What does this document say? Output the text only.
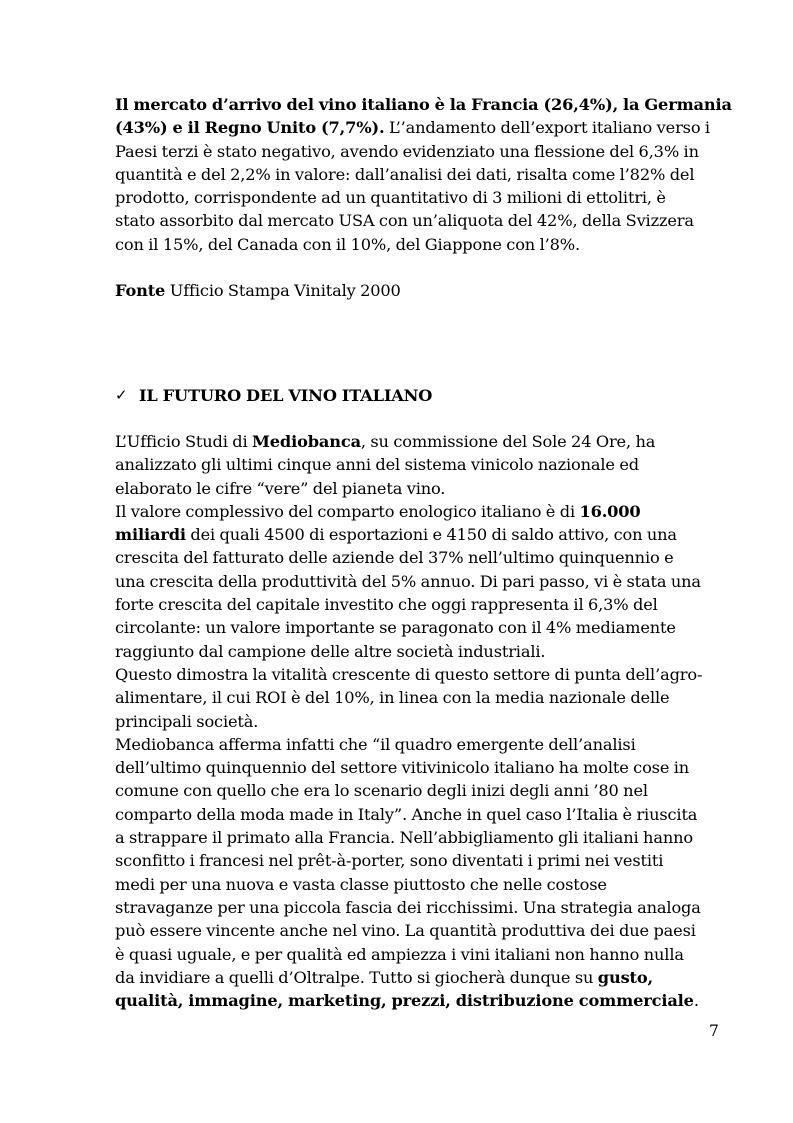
Il mercato d’arrivo del vino italiano è la Francia (26,4%), la Germania
(43%) e il Regno Unito (7,7%). L’’andamento dell’export italiano verso i
Paesi terzi è stato negativo, avendo evidenziato una flessione del 6,3% in
quantità e del 2,2% in valore: dall’analisi dei dati, risalta come l’82% del
prodotto, corrispondente ad un quantitativo di 3 milioni di ettolitri, è
stato assorbito dal mercato USA con un’aliquota del 42%, della Svizzera
con il 15%, del Canada con il 10%, del Giappone con l’8%.
Fonte Ufficio Stampa Vinitaly 2000
✓ IL FUTURO DEL VINO ITALIANO
L’Ufficio Studi di Mediobanca, su commissione del Sole 24 Ore, ha
analizzato gli ultimi cinque anni del sistema vinicolo nazionale ed
elaborato le cifre “vere” del pianeta vino.
Il valore complessivo del comparto enologico italiano è di 16.000
miliardi dei quali 4500 di esportazioni e 4150 di saldo attivo, con una
crescita del fatturato delle aziende del 37% nell’ultimo quinquennio e
una crescita della produttività del 5% annuo. Di pari passo, vi è stata una
forte crescita del capitale investito che oggi rappresenta il 6,3% del
circolante: un valore importante se paragonato con il 4% mediamente
raggiunto dal campione delle altre società industriali.
Questo dimostra la vitalità crescente di questo settore di punta dell’agro-
alimentare, il cui ROI è del 10%, in linea con la media nazionale delle
principali società.
Mediobanca afferma infatti che “il quadro emergente dell’analisi
dell’ultimo quinquennio del settore vitivinicolo italiano ha molte cose in
comune con quello che era lo scenario degli inizi degli anni ’80 nel
comparto della moda made in Italy”. Anche in quel caso l’Italia è riuscita
a strappare il primato alla Francia. Nell’abbigliamento gli italiani hanno
sconfitto i francesi nel prêt-à-porter, sono diventati i primi nei vestiti
medi per una nuova e vasta classe piuttosto che nelle costose
stravaganze per una piccola fascia dei ricchissimi. Una strategia analoga
può essere vincente anche nel vino. La quantità produttiva dei due paesi
è quasi uguale, e per qualità ed ampiezza i vini italiani non hanno nulla
da invidiare a quelli d’Oltralpe. Tutto si giocherà dunque su gusto,
qualità, immagine, marketing, prezzi, distribuzione commerciale.
7
